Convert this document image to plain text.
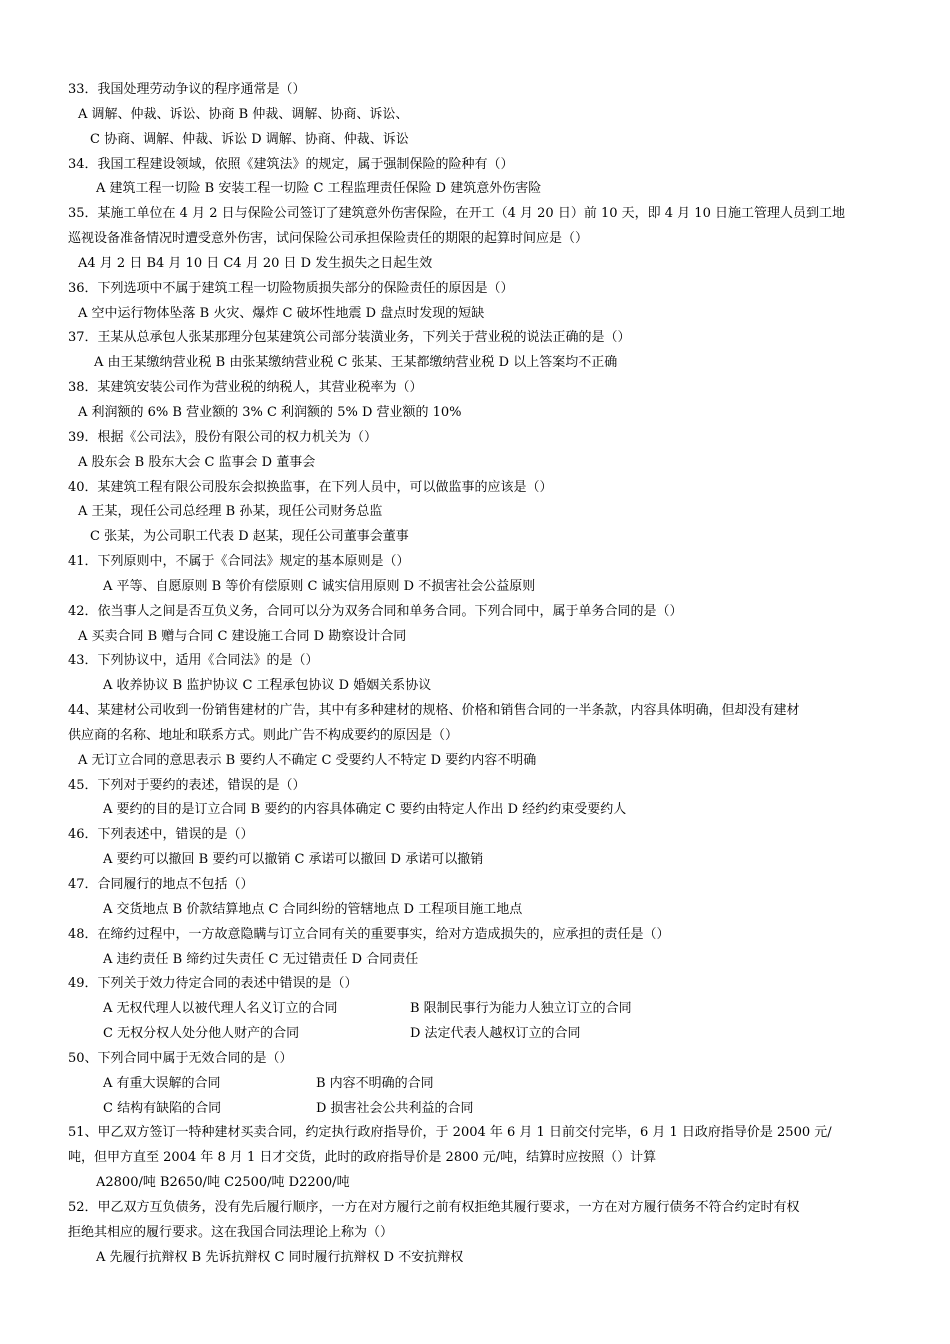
33．我国处理劳动争议的程序通常是（）
A 调解、仲裁、诉讼、协商 B 仲裁、调解、协商、诉讼、
C 协商、调解、仲裁、诉讼 D 调解、协商、仲裁、诉讼
34．我国工程建设领域，依照《建筑法》的规定，属于强制保险的险种有（）
A 建筑工程一切险 B 安装工程一切险 C 工程监理责任保险 D 建筑意外伤害险
35．某施工单位在 4 月 2 日与保险公司签订了建筑意外伤害保险，在开工（4 月 20 日）前 10 天，即 4 月 10 日施工管理人员到工地
巡视设备准备情况时遭受意外伤害，试问保险公司承担保险责任的期限的起算时间应是（）
A4 月 2 日 B4 月 10 日 C4 月 20 日 D 发生损失之日起生效
36．下列选项中不属于建筑工程一切险物质损失部分的保险责任的原因是（）
A 空中运行物体坠落 B 火灾、爆炸 C 破坏性地震 D 盘点时发现的短缺
37．王某从总承包人张某那理分包某建筑公司部分装潢业务，下列关于营业税的说法正确的是（）
A 由王某缴纳营业税 B 由张某缴纳营业税 C 张某、王某都缴纳营业税 D 以上答案均不正确
38．某建筑安装公司作为营业税的纳税人，其营业税率为（）
A 利润额的 6% B 营业额的 3% C 利润额的 5% D 营业额的 10%
39．根据《公司法》，股份有限公司的权力机关为（）
A 股东会 B 股东大会 C 监事会 D 董事会
40．某建筑工程有限公司股东会拟换监事，在下列人员中，可以做监事的应该是（）
A 王某，现任公司总经理 B 孙某，现任公司财务总监
C 张某，为公司职工代表 D 赵某，现任公司董事会董事
41．下列原则中，不属于《合同法》规定的基本原则是（）
A 平等、自愿原则 B 等价有偿原则 C 诚实信用原则 D 不损害社会公益原则
42．依当事人之间是否互负义务，合同可以分为双务合同和单务合同。下列合同中，属于单务合同的是（）
A 买卖合同 B 赠与合同 C 建设施工合同 D 勘察设计合同
43．下列协议中，适用《合同法》的是（）
A 收养协议 B 监护协议 C 工程承包协议 D 婚姻关系协议
44、某建材公司收到一份销售建材的广告，其中有多种建材的规格、价格和销售合同的一半条款，内容具体明确，但却没有建材
供应商的名称、地址和联系方式。则此广告不构成要约的原因是（）
A 无订立合同的意思表示 B 要约人不确定 C 受要约人不特定 D 要约内容不明确
45．下列对于要约的表述，错误的是（）
A 要约的目的是订立合同 B 要约的内容具体确定 C 要约由特定人作出 D 经约约束受要约人
46．下列表述中，错误的是（）
A 要约可以撤回 B 要约可以撤销 C 承诺可以撤回 D 承诺可以撤销
47．合同履行的地点不包括（）
A 交货地点 B 价款结算地点 C 合同纠纷的管辖地点 D 工程项目施工地点
48．在缔约过程中，一方故意隐瞒与订立合同有关的重要事实，给对方造成损失的，应承担的责任是（）
A 违约责任 B 缔约过失责任 C 无过错责任 D 合同责任
49．下列关于效力待定合同的表述中错误的是（）
A 无权代理人以被代理人名义订立的合同	B 限制民事行为能力人独立订立的合同
C 无权分权人处分他人财产的合同	D 法定代表人越权订立的合同
50、下列合同中属于无效合同的是（）
A 有重大误解的合同	B 内容不明确的合同
C 结构有缺陷的合同	D 损害社会公共利益的合同
51、甲乙双方签订一特种建材买卖合同，约定执行政府指导价，于 2004 年 6 月 1 日前交付完毕，6 月 1 日政府指导价是 2500 元/
吨，但甲方直至 2004 年 8 月 1 日才交货，此时的政府指导价是 2800 元/吨，结算时应按照（）计算
A2800/吨 B2650/吨 C2500/吨 D2200/吨
52．甲乙双方互负债务，没有先后履行顺序，一方在对方履行之前有权拒绝其履行要求，一方在对方履行债务不符合约定时有权
拒绝其相应的履行要求。这在我国合同法理论上称为（）
A 先履行抗辩权 B 先诉抗辩权 C 同时履行抗辩权 D 不安抗辩权
